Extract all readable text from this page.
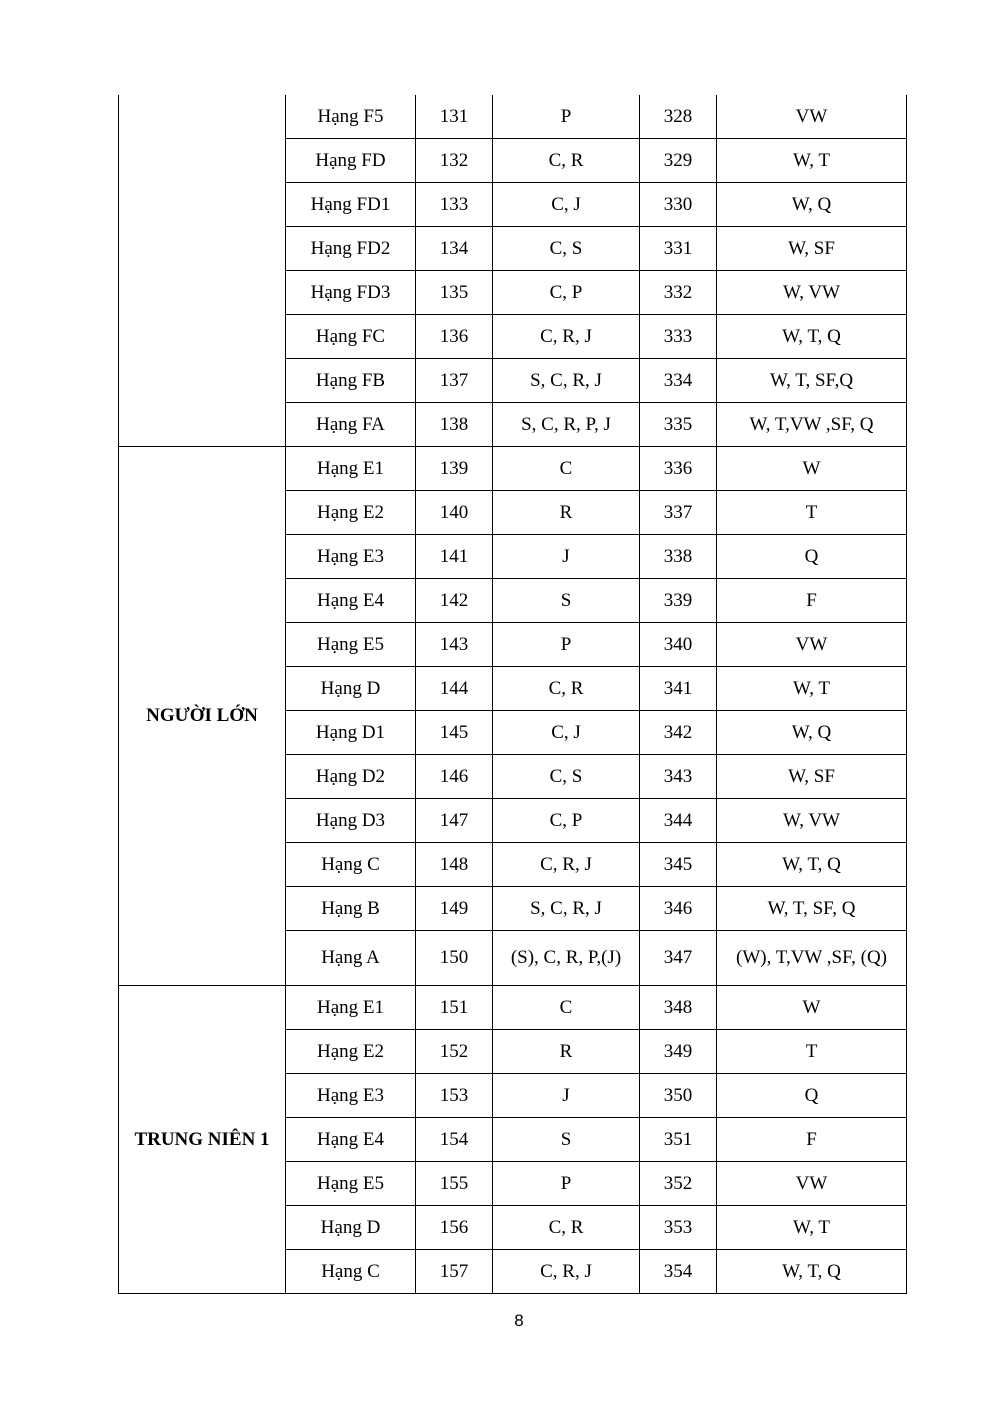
	Hạng F5	131	P	328	VW
	Hạng FD	132	C, R	329	W, T
	Hạng FD1	133	C, J	330	W, Q
	Hạng FD2	134	C, S	331	W, SF
	Hạng FD3	135	C, P	332	W, VW
	Hạng FC	136	C, R, J	333	W, T, Q
	Hạng FB	137	S, C, R, J	334	W, T, SF,Q
	Hạng FA	138	S, C, R, P, J	335	W, T,VW ,SF, Q
NGƯỜI LỚN	Hạng E1	139	C	336	W
	Hạng E2	140	R	337	T
	Hạng E3	141	J	338	Q
	Hạng E4	142	S	339	F
	Hạng E5	143	P	340	VW
	Hạng D	144	C, R	341	W, T
	Hạng D1	145	C, J	342	W, Q
	Hạng D2	146	C, S	343	W, SF
	Hạng D3	147	C, P	344	W, VW
	Hạng C	148	C, R, J	345	W, T, Q
	Hạng B	149	S, C, R, J	346	W, T, SF, Q
	Hạng A	150	(S), C, R, P,(J)	347	(W), T,VW ,SF, (Q)
TRUNG NIÊN 1	Hạng E1	151	C	348	W
	Hạng E2	152	R	349	T
	Hạng E3	153	J	350	Q
	Hạng E4	154	S	351	F
	Hạng E5	155	P	352	VW
	Hạng D	156	C, R	353	W, T
	Hạng C	157	C, R, J	354	W, T, Q
8
